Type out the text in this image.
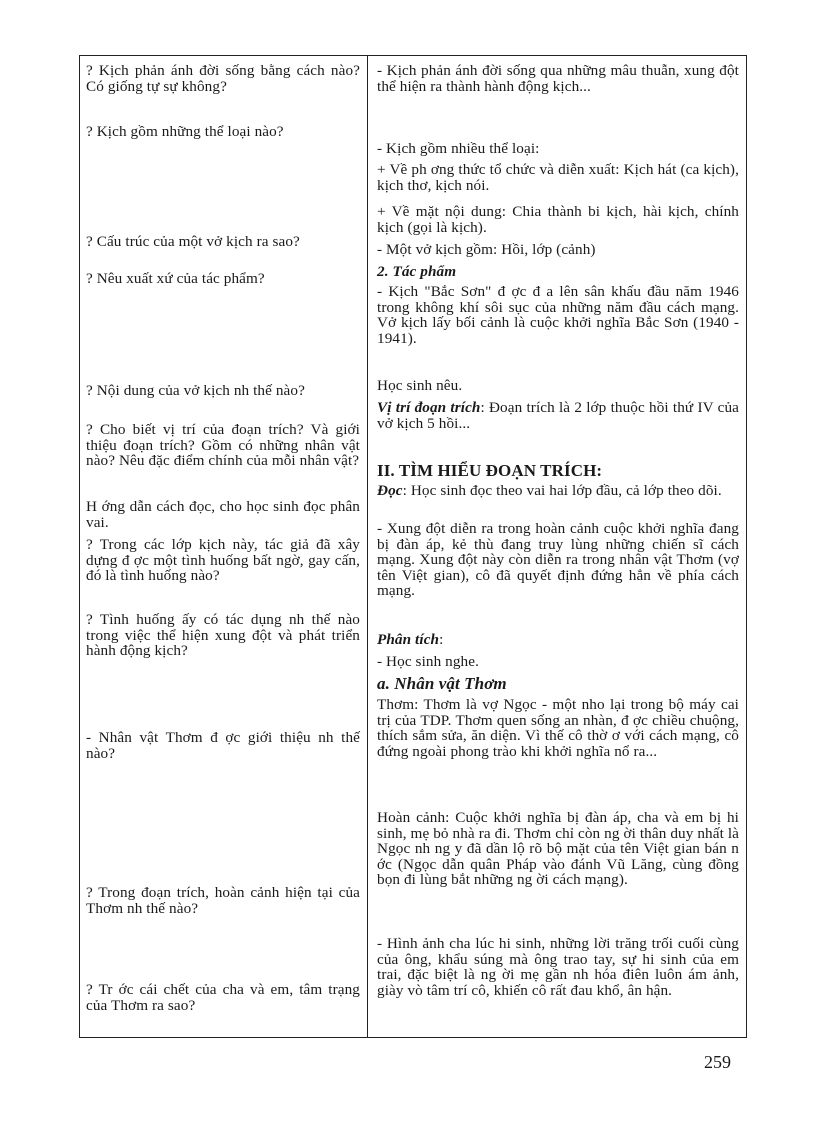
? Kịch phản ánh đời sống bằng cách nào? Có giống tự sự không?
? Kịch gồm những thể loại nào?
? Cấu trúc của một vở kịch ra sao?
? Nêu xuất xứ của tác phẩm?
? Nội dung của vở kịch nh thế nào?
? Cho biết vị trí của đoạn trích? Và giới thiệu đoạn trích? Gồm có những nhân vật nào? Nêu đặc điểm chính của mỗi nhân vật?
H ớng dẫn cách đọc, cho học sinh đọc phân vai.
? Trong các lớp kịch này, tác giả đã xây dựng đ ợc một tình huống bất ngờ, gay cấn, đó là tình huống nào?
? Tình huống ấy có tác dụng nh thế nào trong việc thể hiện xung đột và phát triển hành động kịch?
- Nhân vật Thơm đ ợc giới thiệu nh thế nào?
? Trong đoạn trích, hoàn cảnh hiện tại của Thơm nh thế nào?
? Tr ớc cái chết của cha và em, tâm trạng của Thơm ra sao?
- Kịch phản ánh đời sống qua những mâu thuẫn, xung đột thể hiện ra thành hành động kịch...
- Kịch gồm nhiều thể loại:
+ Về ph ơng thức tổ chức và diễn xuất: Kịch hát (ca kịch), kịch thơ, kịch nói.
+ Về mặt nội dung: Chia thành bi kịch, hài kịch, chính kịch (gọi là kịch).
- Một vở kịch gồm: Hồi, lớp (cảnh)
2. Tác phẩm
- Kịch "Bắc Sơn" đ ợc đ a lên sân khấu đầu năm 1946 trong không khí sôi sục của những năm đầu cách mạng. Vở kịch lấy bối cảnh là cuộc khởi nghĩa Bắc Sơn (1940 - 1941).
Học sinh nêu.
Vị trí đoạn trích: Đoạn trích là 2 lớp thuộc hồi thứ IV của vở kịch 5 hồi...
II. TÌM HIỂU ĐOẠN TRÍCH:
Đọc: Học sinh đọc theo vai hai lớp đầu, cả lớp theo dõi.
- Xung đột diễn ra trong hoàn cảnh cuộc khởi nghĩa đang bị đàn áp, kẻ thù đang truy lùng những chiến sĩ cách mạng. Xung đột này còn diễn ra trong nhân vật Thơm (vợ tên Việt gian), cô đã quyết định đứng hẳn về phía cách mạng.
Phân tích:
- Học sinh nghe.
a. Nhân vật Thơm
Thơm: Thơm là vợ Ngọc - một nho lại trong bộ máy cai trị của TDP. Thơm quen sống an nhàn, đ ợc chiều chuộng, thích sắm sửa, ăn diện. Vì thế cô thờ ơ với cách mạng, cô đứng ngoài phong trào khi khởi nghĩa nổ ra...
Hoàn cảnh: Cuộc khởi nghĩa bị đàn áp, cha và em bị hi sinh, mẹ bỏ nhà ra đi. Thơm chỉ còn ng ời thân duy nhất là Ngọc nh ng y đã dần lộ rõ bộ mặt của tên Việt gian bán n ớc (Ngọc dẫn quân Pháp vào đánh Vũ Lăng, cùng đồng bọn đi lùng bắt những ng ời cách mạng).
- Hình ảnh cha lúc hi sinh, những lời trăng trối cuối cùng của ông, khẩu súng mà ông trao tay, sự hi sinh của em trai, đặc biệt là ng ời mẹ gần nh hóa điên luôn ám ảnh, giày vò tâm trí cô, khiến cô rất đau khổ, ân hận.
259
